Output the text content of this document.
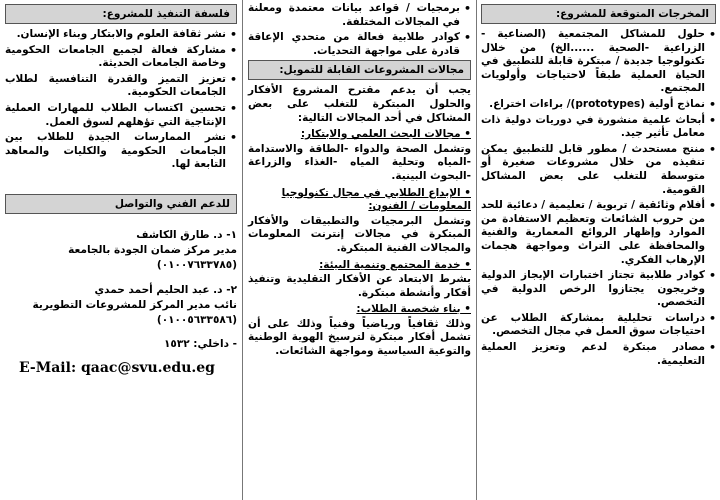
المخرجات المتوقعة للمشروع:
• حلول للمشاكل المجتمعية (الصناعية - الزراعية -الصحية ......الخ) من خلال تكنولوجيا جديدة / مبتكرة قابلة للتطبيق في الحياة العملية طبقاً لاحتياجات وأولويات المجتمع.
• نماذج أولية (prototypes)/ براءات اختراع.
• أبحاث علمية منشورة في دوريات دولية ذات معامل تأثير جيد.
• منتج مستحدث / مطور قابل للتطبيق يمكن تنفيذه من خلال مشروعات صغيرة أو متوسطة للتغلب على بعض المشاكل القومية.
• أفلام وثائقية / تربوية / تعليمية / دعائية للحد من حروب الشائعات وتعظيم الاستفادة من الموارد وإظهار الروائع المعمارية والفنية والمحافظة على التراث ومواجهة هجمات الإرهاب الفكري.
• كوادر طلابية تجتاز اختبارات الإيجاز الدولية وخريجون يجتازوا الرخص الدولية في التخصص.
• دراسات تحليلية بمشاركة الطلاب عن احتياجات سوق العمل في مجال التخصص.
• مصادر مبتكرة لدعم وتعزيز العملية التعليمية.
• برمجيات / قواعد بيانات معتمدة ومعلنة في المجالات المختلفة.
• كوادر طلابية فعالة من متحدي الإعاقة قادرة على مواجهة التحديات.
مجالات المشروعات القابلة للتمويل:

يجب أن يدعم مقترح المشروع الأفكار والحلول المبتكرة للتغلب على بعض المشاكل في أحد المجالات التالية:

• مجالات البحث العلمي والابتكار:

وتشمل الصحة والدواء -الطاقة والاستدامة -المياه وتحلية المياه -الغذاء والزراعة -البحوث البينية.

• الإبداع الطلابي في مجال تكنولوجيا المعلومات / الفنون:

وتشمل البرمجيات والتطبيقات والأفكار المبتكرة في مجالات إنترنت المعلومات والمجالات الفنية المبتكرة.

• خدمة المجتمع وتنمية البيئة:

بشرط الابتعاد عن الأفكار التقليدية وتنفيذ أفكار وأنشطة مبتكرة.

• بناء شخصية الطلاب:

وذلك ثقافياً ورياضياً وفنياً وذلك على أن تشمل أفكار مبتكرة لترسيخ الهوية الوطنية والتوعية السياسية ومواجهة الشائعات.

فلسفة التنفيذ للمشروع:
• نشر ثقافة العلوم والابتكار وبناء الإنسان.
• مشاركة فعالة لجميع الجامعات الحكومية وخاصة الجامعات الحديثة.
• تعزيز التميز والقدرة التنافسية لطلاب الجامعات الحكومية.
• تحسين اكتساب الطلاب للمهارات العملية الإنتاجية التي تؤهلهم لسوق العمل.
• نشر الممارسات الجيدة للطلاب بين الجامعات الحكومية والكليات والمعاهد التابعة لها.
للدعم الفني والتواصل
١- د. طارق الكاشف
مدير مركز ضمان الجودة بالجامعة
(٠١٠٠٧٦٣٣٧٨٥)
٢- د. عبد الحليم أحمد حمدي
نائب مدير المركز للمشروعات التطويرية
(٠١٠٠٥٦٣٣٥٨٦)
- داخلي: ١٥٣٢
E-Mail: qaac@svu.edu.eg
